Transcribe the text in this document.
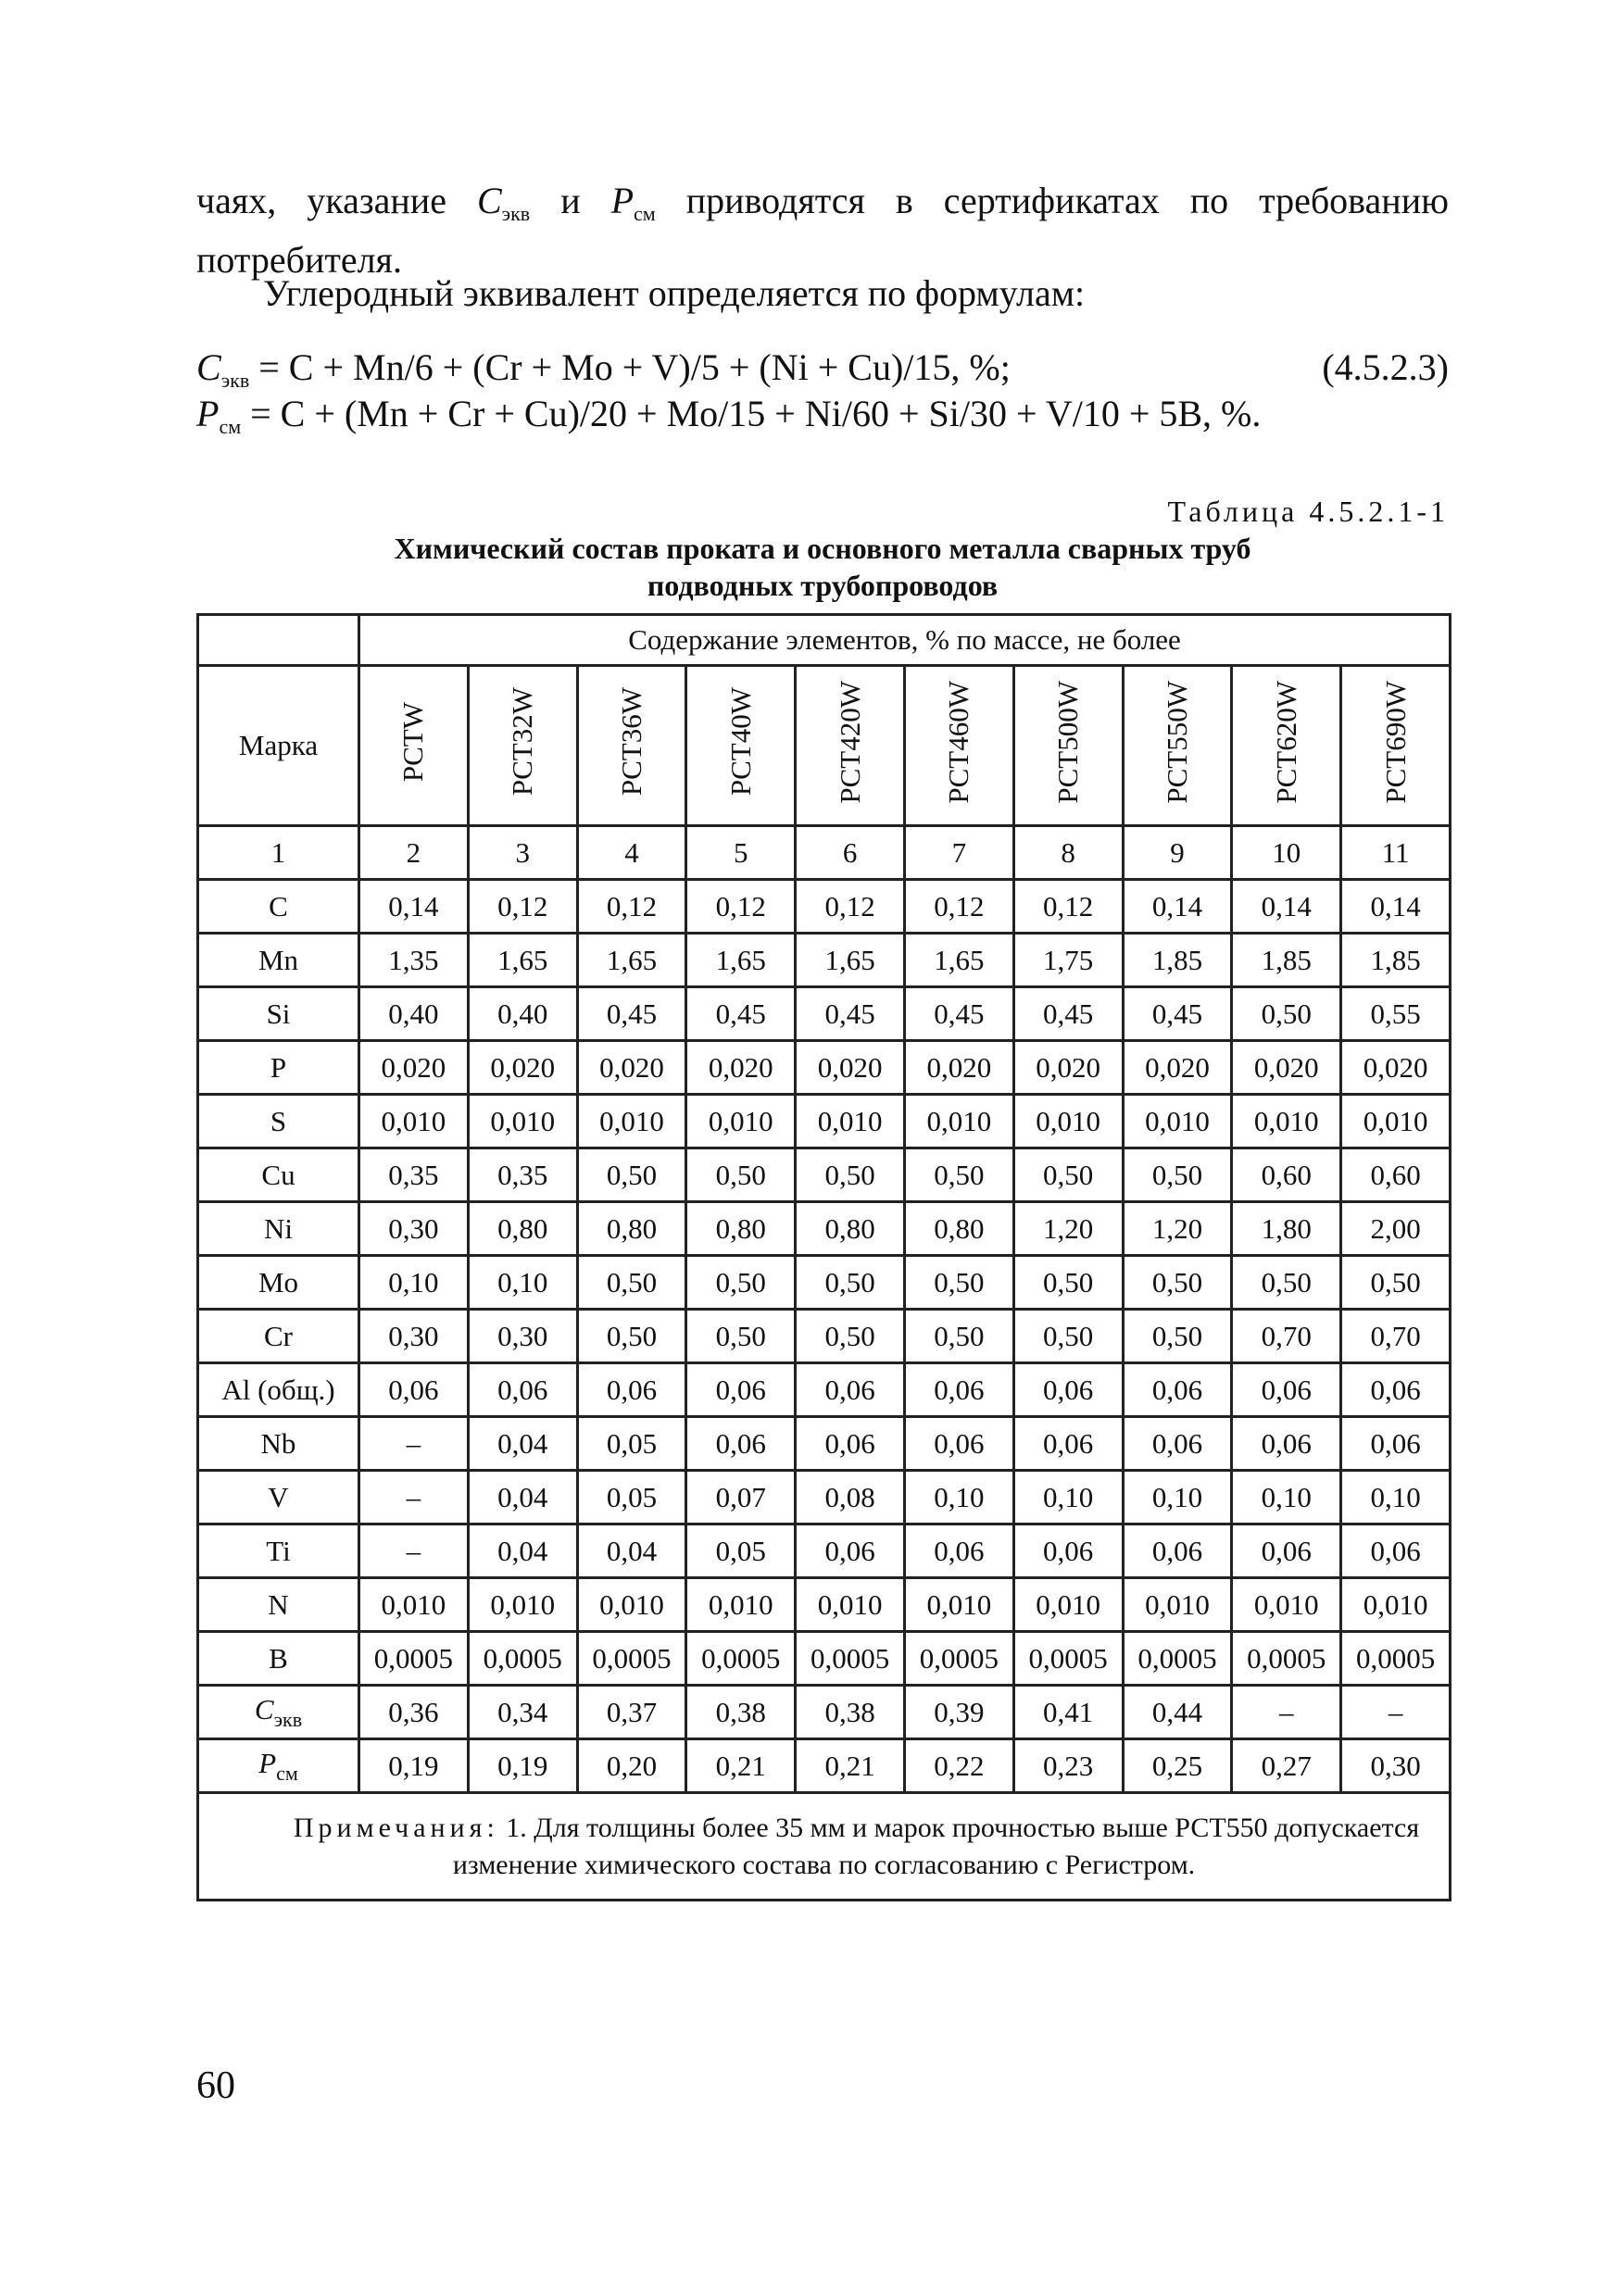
чаях, указание $C_{экв}$ и $P_{см}$ приводятся в сертификатах по требованию потребителя.
Углеродный эквивалент определяется по формулам:
$C_{экв} = C + Mn/6 + (Cr + Mo + V)/5 + (Ni + Cu)/15$, %;	(4.5.2.3)
$P_{см} = C + (Mn + Cr + Cu)/20 + Mo/15 + Ni/60 + Si/30 + V/10 + 5B$, %.
Таблица 4.5.2.1-1
Химический состав проката и основного металла сварных труб
подводных трубопроводов
	Содержание элементов, % по массе, не более									
Марка	PCTW	PCT32W	PCT36W	PCT40W	PCT420W	PCT460W	PCT500W	PCT550W	PCT620W	PCT690W
1	2	3	4	5	6	7	8	9	10	11
C	0,14	0,12	0,12	0,12	0,12	0,12	0,12	0,14	0,14	0,14
Mn	1,35	1,65	1,65	1,65	1,65	1,65	1,75	1,85	1,85	1,85
Si	0,40	0,40	0,45	0,45	0,45	0,45	0,45	0,45	0,50	0,55
P	0,020	0,020	0,020	0,020	0,020	0,020	0,020	0,020	0,020	0,020
S	0,010	0,010	0,010	0,010	0,010	0,010	0,010	0,010	0,010	0,010
Cu	0,35	0,35	0,50	0,50	0,50	0,50	0,50	0,50	0,60	0,60
Ni	0,30	0,80	0,80	0,80	0,80	0,80	1,20	1,20	1,80	2,00
Mo	0,10	0,10	0,50	0,50	0,50	0,50	0,50	0,50	0,50	0,50
Cr	0,30	0,30	0,50	0,50	0,50	0,50	0,50	0,50	0,70	0,70
Al (общ.)	0,06	0,06	0,06	0,06	0,06	0,06	0,06	0,06	0,06	0,06
Nb	–	0,04	0,05	0,06	0,06	0,06	0,06	0,06	0,06	0,06
V	–	0,04	0,05	0,07	0,08	0,10	0,10	0,10	0,10	0,10
Ti	–	0,04	0,04	0,05	0,06	0,06	0,06	0,06	0,06	0,06
N	0,010	0,010	0,010	0,010	0,010	0,010	0,010	0,010	0,010	0,010
B	0,0005	0,0005	0,0005	0,0005	0,0005	0,0005	0,0005	0,0005	0,0005	0,0005
$C_{экв}$	0,36	0,34	0,37	0,38	0,38	0,39	0,41	0,44	–	–
$P_{см}$	0,19	0,19	0,20	0,21	0,21	0,22	0,23	0,25	0,27	0,30
Примечания: 1. Для толщины более 35 мм и марок прочностью выше РСТ550 допускается изменение химического состава по согласованию с Регистром.										
60
